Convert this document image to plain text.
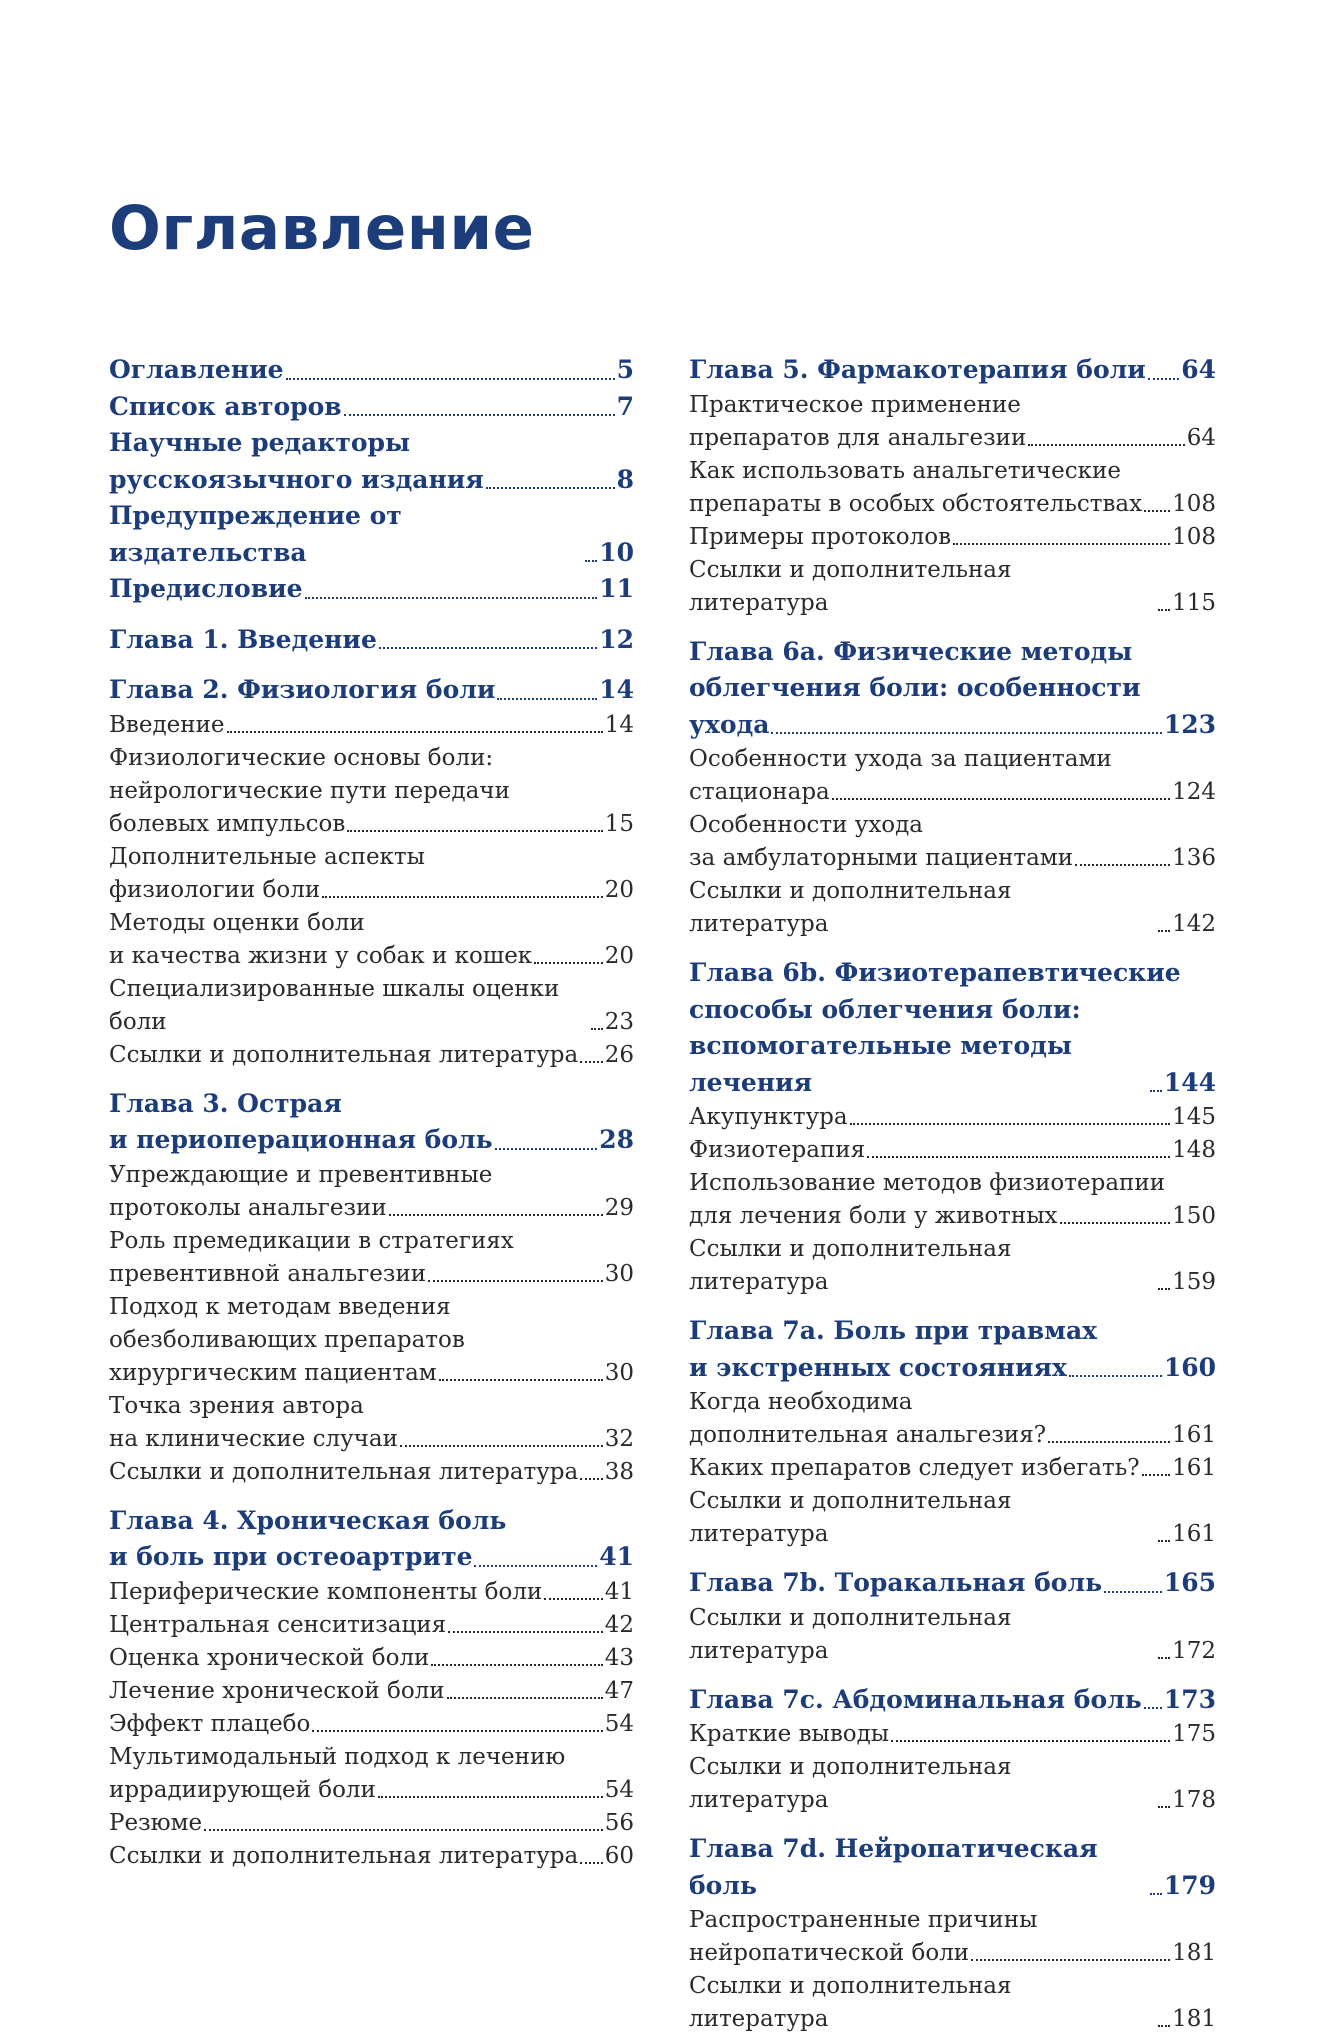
Оглавление
Оглавление	5
Список авторов	7
Научные редакторы
русскоязычного издания	8
Предупреждение от издательства	10
Предисловие	11
Глава 1. Введение	12
Глава 2. Физиология боли	14
Введение	14
Физиологические основы боли:
нейрологические пути передачи
болевых импульсов	15
Дополнительные аспекты
физиологии боли	20
Методы оценки боли
и качества жизни у собак и кошек	20
Специализированные шкалы оценки боли	23
Ссылки и дополнительная литература 26
Глава 3. Острая
и периоперационная боль	28
Упреждающие и превентивные
протоколы анальгезии	29
Роль премедикации в стратегиях
превентивной анальгезии	30
Подход к методам введения
обезболивающих препаратов
хирургическим пациентам	30
Точка зрения автора
на клинические случаи	32
Ссылки и дополнительная литература 38
Глава 4. Хроническая боль
и боль при остеоартрите	41
Периферические компоненты боли	41
Центральная сенситизация	42
Оценка хронической боли	43
Лечение хронической боли	47
Эффект плацебо	54
Мультимодальный подход к лечению
иррадиирующей боли	54
Резюме	56
Ссылки и дополнительная литература 60
Глава 5. Фармакотерапия боли 64
Практическое применение
препаратов для анальгезии	64
Как использовать анальгетические
препараты в особых обстоятельствах 108
Примеры протоколов	108
Ссылки и дополнительная литература	115
Глава 6a. Физические методы
облегчения боли: особенности
ухода	123
Особенности ухода за пациентами
стационара	124
Особенности ухода
за амбулаторными пациентами	136
Ссылки и дополнительная литература	142
Глава 6b. Физиотерапевтические
способы облегчения боли:
вспомогательные методы лечения	144
Акупунктура	145
Физиотерапия	148
Использование методов физиотерапии
для лечения боли у животных	150
Ссылки и дополнительная литература	159
Глава 7a. Боль при травмах
и экстренных состояниях	160
Когда необходима
дополнительная анальгезия?	161
Каких препаратов следует избегать? 161
Ссылки и дополнительная литература	161
Глава 7b. Торакальная боль 165
Ссылки и дополнительная литература	172
Глава 7c. Абдоминальная боль 173
Краткие выводы	175
Ссылки и дополнительная литература	178
Глава 7d. Нейропатическая боль	179
Распространенные причины
нейропатической боли	181
Ссылки и дополнительная литература	181
